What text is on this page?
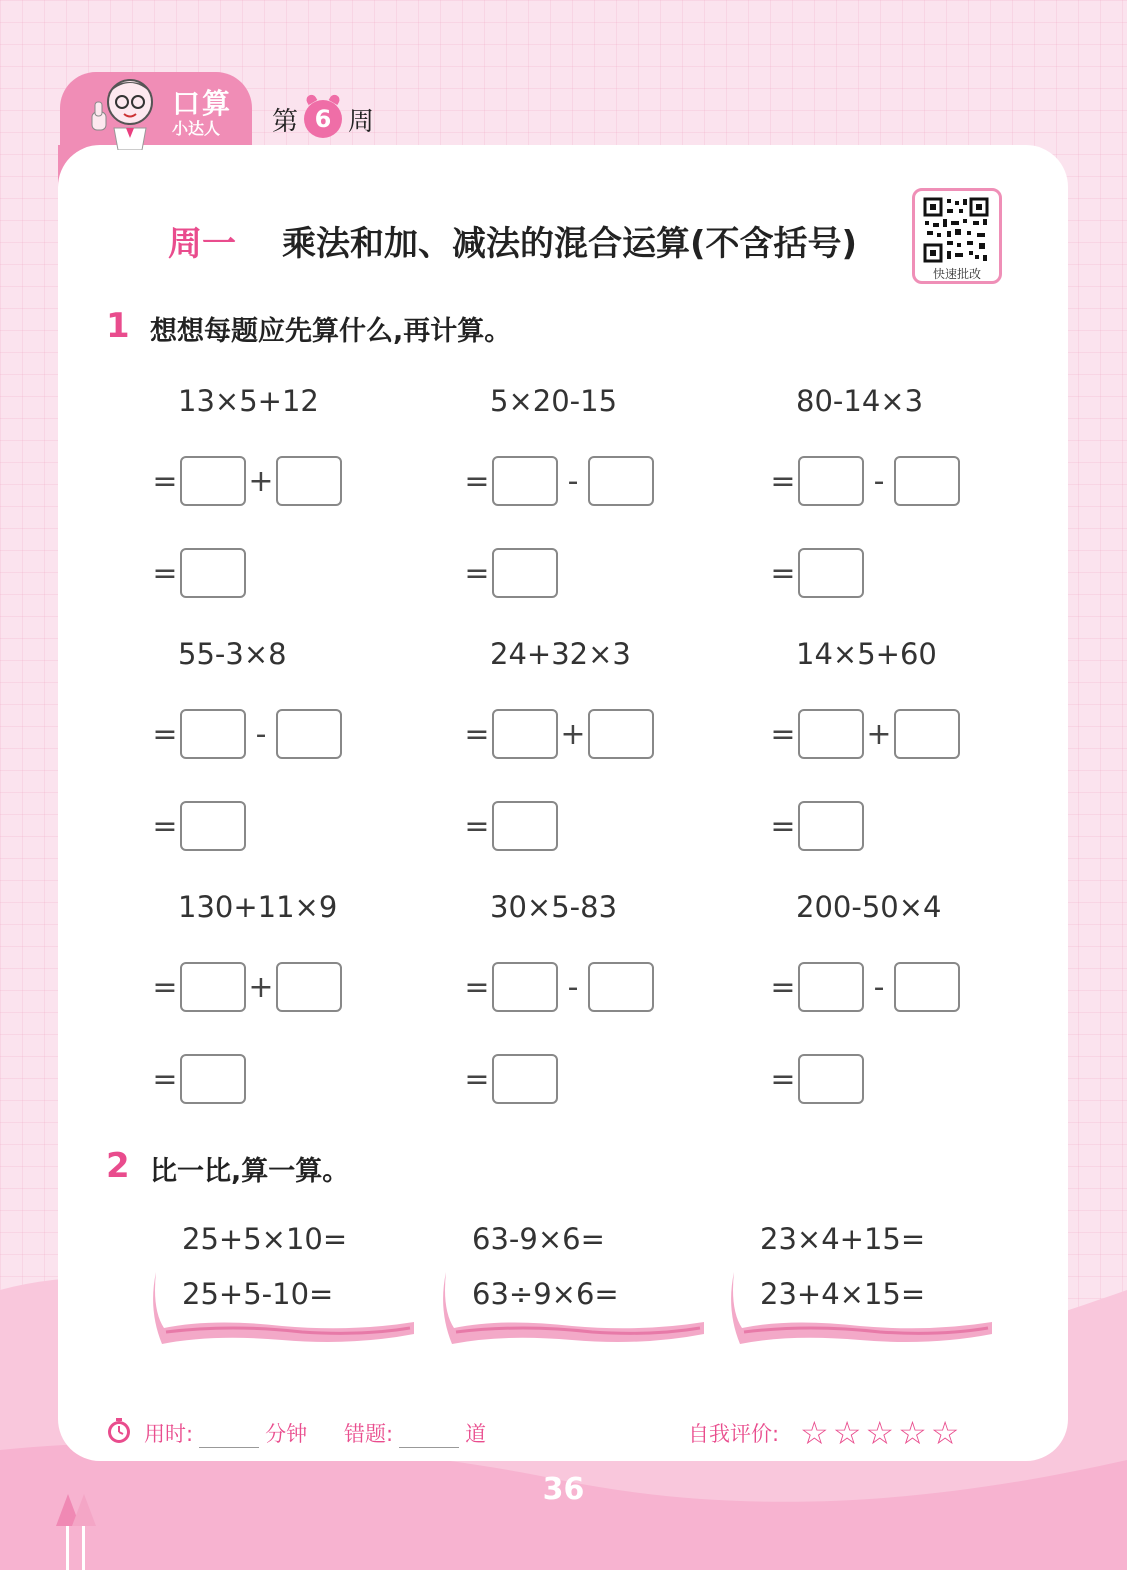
口算
小达人 第 6 周
周一 乘法和加、减法的混合运算(不含括号)
快速批改
1 想想每题应先算什么,再计算。
13×5+12
= +
=
5×20-15
=	-
=
80-14×3
=	-
=
55-3×8
=	-
=
24+32×3
= +
=
14×5+60
= +
=
130+11×9
= +
=
30×5-83
=	-
=
200-50×4
=	-
=
2 比一比,算一算。
25+5×10=
25+5-10=
63-9×6=
63÷9×6=
23×4+15=
23+4×15=
用时:	分钟 错题:	道	自我评价: ☆☆☆☆☆
36
